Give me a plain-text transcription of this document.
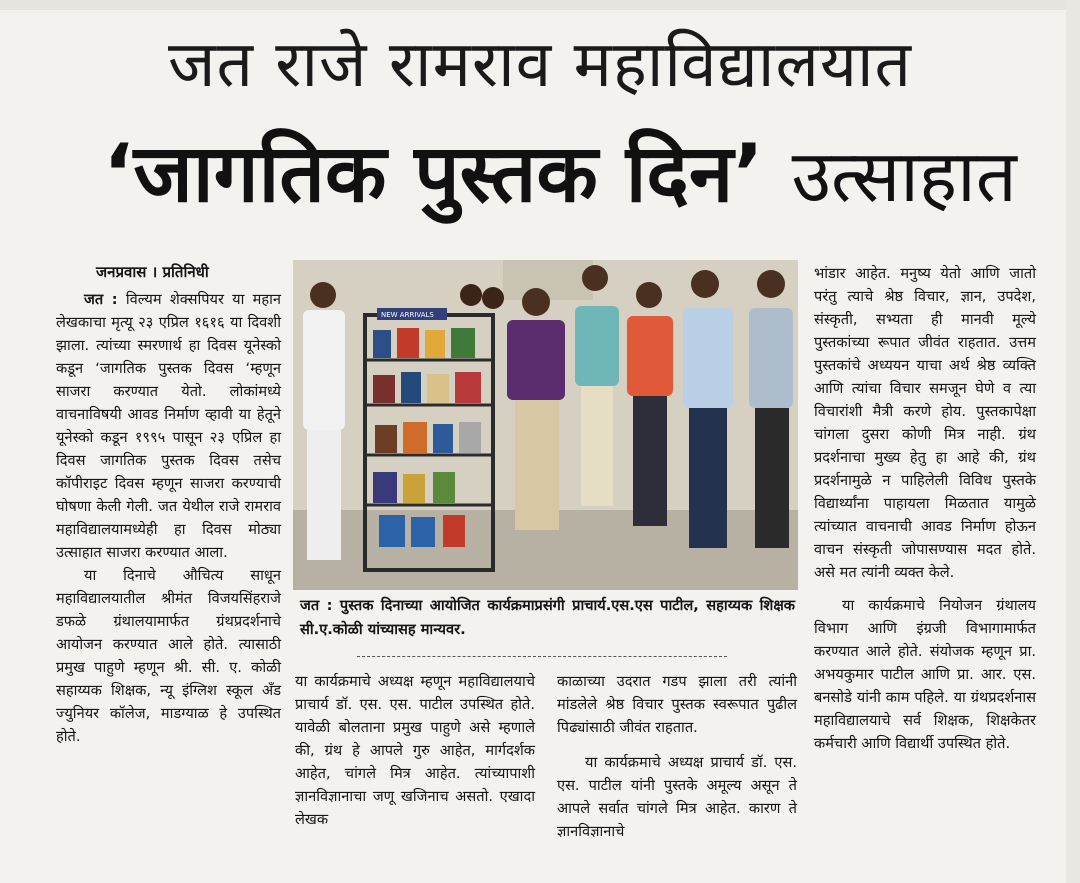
जत राजे रामराव महाविद्यालयात
‘जागतिक पुस्तक दिन’ उत्साहात
जनप्रवास । प्रतिनिधी

जत : विल्यम शेक्सपियर या महान लेखकाचा मृत्यू २३ एप्रिल १६१६ या दिवशी झाला. त्यांच्या स्मरणार्थ हा दिवस यूनेस्को कडून ‘जागतिक पुस्तक दिवस ‘म्हणून साजरा करण्यात येतो. लोकांमध्ये वाचनाविषयी आवड निर्माण व्हावी या हेतूने यूनेस्को कडून १९९५ पासून २३ एप्रिल हा दिवस जागतिक पुस्तक दिवस तसेच कॉपीराइट दिवस म्हणून साजरा करण्याची घोषणा केली गेली. जत येथील राजे रामराव महाविद्यालयामध्येही हा दिवस मोठ्या उत्साहात साजरा करण्यात आला.

या दिनाचे औचित्य साधून महाविद्यालयातील श्रीमंत विजयसिंहराजे डफळे ग्रंथालयामार्फत ग्रंथप्रदर्शनाचे आयोजन करण्यात आले होते. त्यासाठी प्रमुख पाहुणे म्हणून श्री. सी. ए. कोळी सहाय्यक शिक्षक, न्यू इंग्लिश स्कूल अँड ज्युनियर कॉलेज, माडग्याळ हे उपस्थित होते.

NEW ARRIVALS
जत : पुस्तक दिनाच्या आयोजित कार्यक्रमाप्रसंगी प्राचार्य.एस.एस पाटील, सहाय्यक शिक्षक सी.ए.कोळी यांच्यासह मान्यवर.

या कार्यक्रमाचे अध्यक्ष म्हणून महाविद्यालयाचे प्राचार्य डॉ. एस. एस. पाटील उपस्थित होते. यावेळी बोलताना प्रमुख पाहुणे असे म्हणाले की, ग्रंथ हे आपले गुरु आहेत, मार्गदर्शक आहेत, चांगले मित्र आहेत. त्यांच्यापाशी ज्ञानविज्ञानाचा जणू खजिनाच असतो. एखादा लेखक

काळाच्या उदरात गडप झाला तरी त्यांनी मांडलेले श्रेष्ठ विचार पुस्तक स्वरूपात पुढील पिढ्यांसाठी जीवंत राहतात.

या कार्यक्रमाचे अध्यक्ष प्राचार्य डॉ. एस. एस. पाटील यांनी पुस्तके अमूल्य असून ते आपले सर्वात चांगले मित्र आहेत. कारण ते ज्ञानविज्ञानाचे

भांडार आहेत. मनुष्य येतो आणि जातो परंतु त्याचे श्रेष्ठ विचार, ज्ञान, उपदेश, संस्कृती, सभ्यता ही मानवी मूल्ये पुस्तकांच्या रूपात जीवंत राहतात. उत्तम पुस्तकांचे अध्ययन याचा अर्थ श्रेष्ठ व्यक्ति आणि त्यांचा विचार समजून घेणे व त्या विचारांशी मैत्री करणे होय. पुस्तकापेक्षा चांगला दुसरा कोणी मित्र नाही. ग्रंथ प्रदर्शनाचा मुख्य हेतु हा आहे की, ग्रंथ प्रदर्शनामुळे न पाहिलेली विविध पुस्तके विद्यार्थ्यांना पाहायला मिळतात यामुळे त्यांच्यात वाचनाची आवड निर्माण होऊन वाचन संस्कृती जोपासण्यास मदत होते. असे मत त्यांनी व्यक्त केले.

या कार्यक्रमाचे नियोजन ग्रंथालय विभाग आणि इंग्रजी विभागामार्फत करण्यात आले होते. संयोजक म्हणून प्रा. अभयकुमार पाटील आणि प्रा. आर. एस. बनसोडे यांनी काम पहिले. या ग्रंथप्रदर्शनास महाविद्यालयाचे सर्व शिक्षक, शिक्षकेतर कर्मचारी आणि विद्यार्थी उपस्थित होते.
